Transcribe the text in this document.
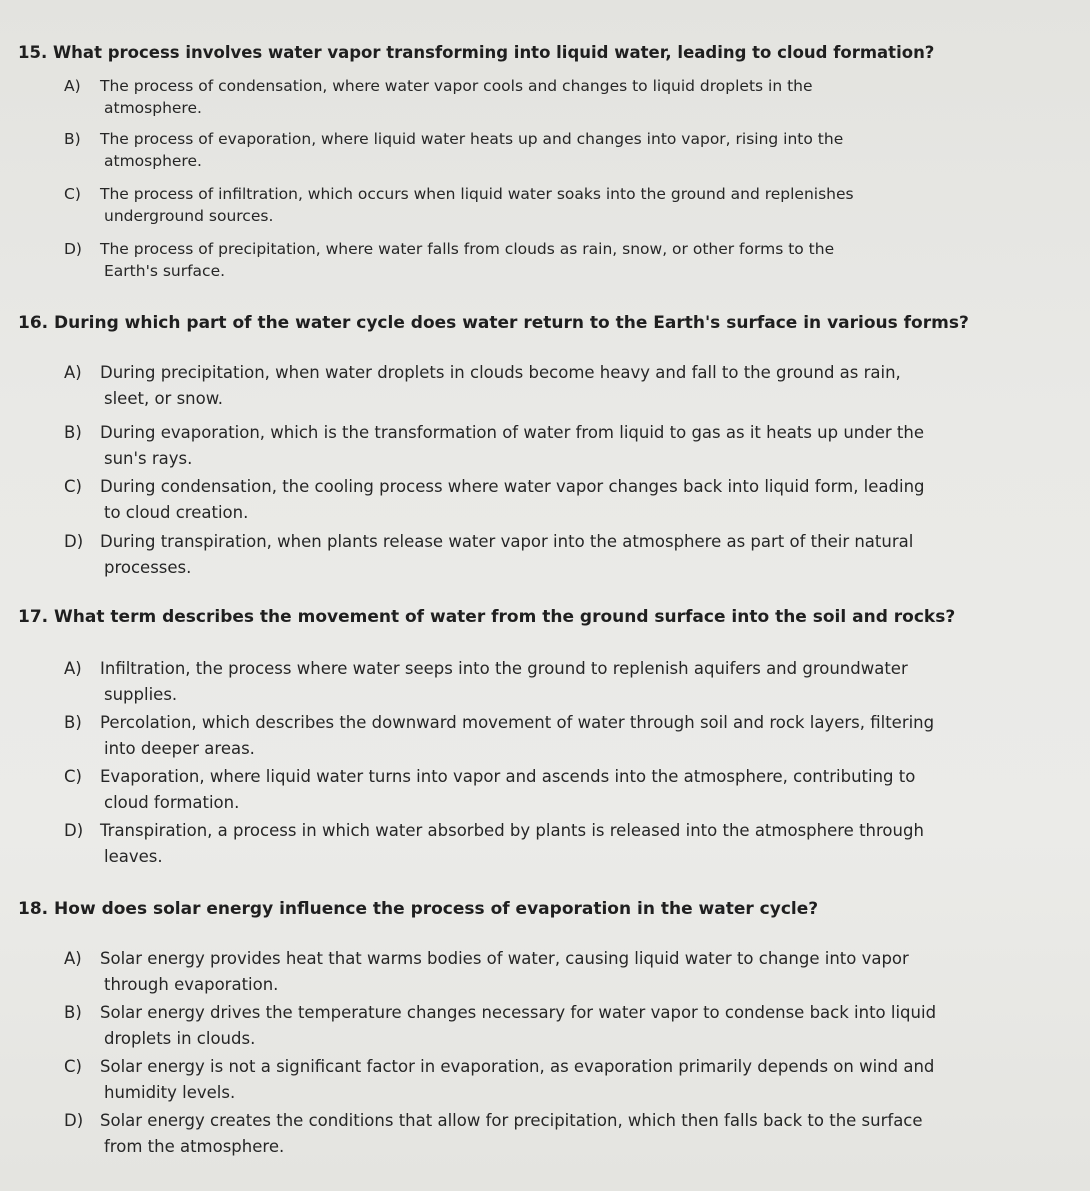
15. What process involves water vapor transforming into liquid water, leading to cloud formation?
A) The process of condensation, where water vapor cools and changes to liquid droplets in the
atmosphere.
B) The process of evaporation, where liquid water heats up and changes into vapor, rising into the
atmosphere.
C) The process of infiltration, which occurs when liquid water soaks into the ground and replenishes
underground sources.
D) The process of precipitation, where water falls from clouds as rain, snow, or other forms to the
Earth's surface.
16. During which part of the water cycle does water return to the Earth's surface in various forms?
A) During precipitation, when water droplets in clouds become heavy and fall to the ground as rain,
sleet, or snow.
B) During evaporation, which is the transformation of water from liquid to gas as it heats up under the
sun's rays.
C) During condensation, the cooling process where water vapor changes back into liquid form, leading
to cloud creation.
D) During transpiration, when plants release water vapor into the atmosphere as part of their natural
processes.
17. What term describes the movement of water from the ground surface into the soil and rocks?
A) Infiltration, the process where water seeps into the ground to replenish aquifers and groundwater
supplies.
B) Percolation, which describes the downward movement of water through soil and rock layers, filtering
into deeper areas.
C) Evaporation, where liquid water turns into vapor and ascends into the atmosphere, contributing to
cloud formation.
D) Transpiration, a process in which water absorbed by plants is released into the atmosphere through
leaves.
18. How does solar energy influence the process of evaporation in the water cycle?
A) Solar energy provides heat that warms bodies of water, causing liquid water to change into vapor
through evaporation.
B) Solar energy drives the temperature changes necessary for water vapor to condense back into liquid
droplets in clouds.
C) Solar energy is not a significant factor in evaporation, as evaporation primarily depends on wind and
humidity levels.
D) Solar energy creates the conditions that allow for precipitation, which then falls back to the surface
from the atmosphere.
